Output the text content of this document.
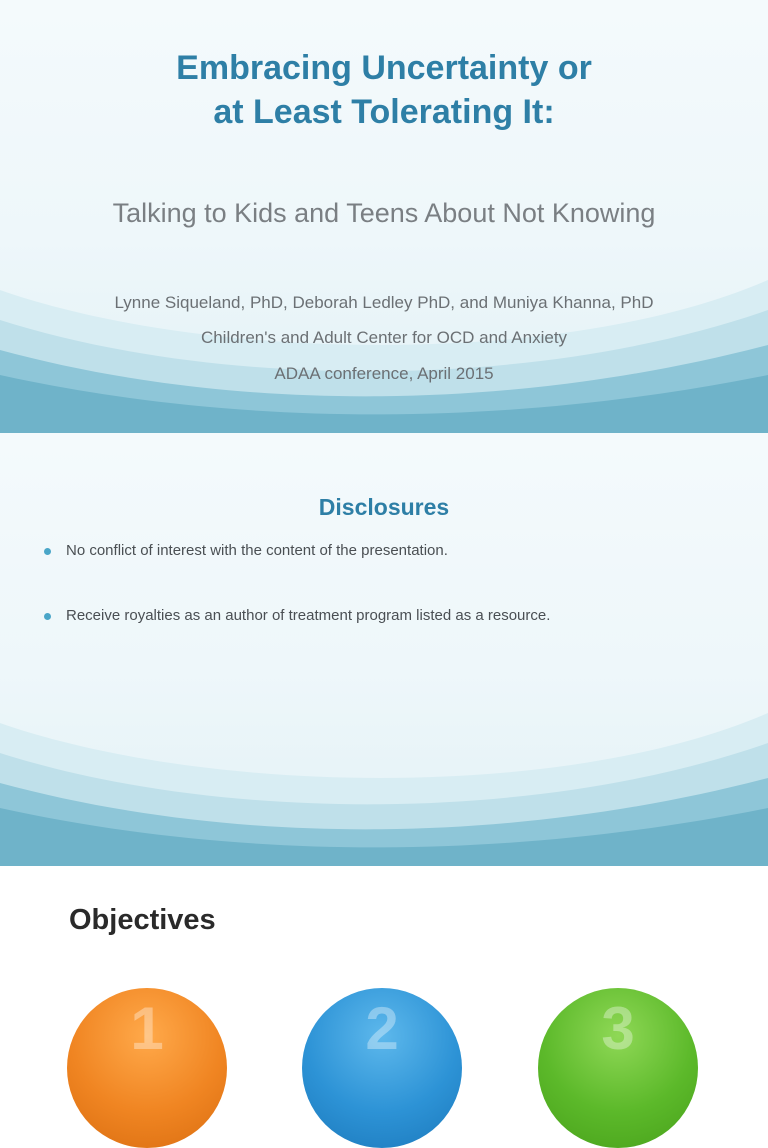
Embracing Uncertainty or
at Least Tolerating It:
Talking to Kids and Teens About Not Knowing
Lynne Siqueland, PhD, Deborah Ledley PhD, and Muniya Khanna, PhD
Children's and Adult Center for OCD and Anxiety
ADAA conference, April 2015
Disclosures
No conflict of interest with the content of the presentation.
Receive royalties as an author of treatment program listed as a resource.
Objectives
1	2	3
